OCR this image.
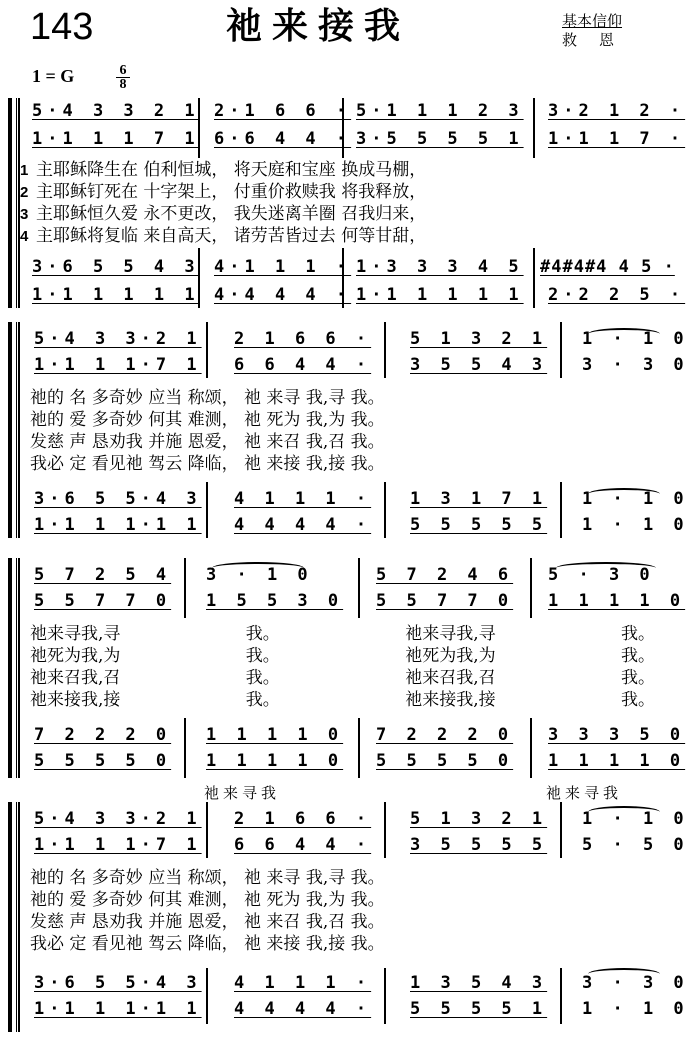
143	祂来接我	基本信仰
救恩
1 = G	$\frac{6}{8}$
5·4 3 3 2 1 2·1 6 6 · 5·1 1 1 2 3 3·2 1 2 ·
1·1 1 1 7 1 6·6 4 4 · 3·5 5 5 5 1 1·1 1 7 ·
1 主耶稣降生在 伯利恒城， 将天庭和宝座 换成马棚，
2 主耶稣钉死在 十字架上， 付重价救赎我 将我释放，
3 主耶稣恒久爱 永不更改， 我失迷离羊圈 召我归来，
4 主耶稣将复临 来自高天， 诸劳苦皆过去 何等甘甜，
3·6 5 5 4 3 4·1 1 1 · 1·3 3 3 4 5 #4#4#4 4 5 ·
1·1 1 1 1 1 4·4 4 4 · 1·1 1 1 1 1 2·2 2 5 ·
5·4 3 3·2 1 2 1 6 6 · 5 1 3 2 1 1 · 1 0
1·1 1 1·7 1 6 6 4 4 · 3 5 5 4 3 3 · 3 0
祂的 名 多奇妙 应当 称颂， 祂 来寻 我,寻 我。
祂的 爱 多奇妙 何其 难测， 祂 死为 我,为 我。
发慈 声 恳劝我 并施 恩爱， 祂 来召 我,召 我。
我必 定 看见祂 驾云 降临， 祂 来接 我,接 我。
3·6 5 5·4 3 4 1 1 1 · 1 3 1 7 1 1 · 1 0
1·1 1 1·1 1 4 4 4 4 · 5 5 5 5 5 1 · 1 0
5 7 2 5 4 3 · 1 0	5 7 2 4 6 5 · 3 0
5 5 7 7 0 1 5 5 3 0 5 5 7 7 0 1 1 1 1 0
祂来寻我,寻 我。 祂来寻我,寻 我。
祂死为我,为 我。 祂死为我,为 我。
祂来召我,召 我。 祂来召我,召 我。
祂来接我,接 我。 祂来接我,接 我。
7 2 2 2 0 1 1 1 1 0 7 2 2 2 0 3 3 3 5 0
5 5 5 5 0 1 1 1 1 0 5 5 5 5 0 1 1 1 1 0
祂来寻我	祂来寻我
5·4 3 3·2 1 2 1 6 6 · 5 1 3 2 1 1 · 1 0
1·1 1 1·7 1 6 6 4 4 · 3 5 5 5 5 5 · 5 0
祂的 名 多奇妙 应当 称颂， 祂 来寻 我,寻 我。
祂的 爱 多奇妙 何其 难测， 祂 死为 我,为 我。
发慈 声 恳劝我 并施 恩爱， 祂 来召 我,召 我。
我必 定 看见祂 驾云 降临， 祂 来接 我,接 我。
3·6 5 5·4 3 4 1 1 1 · 1 3 5 4 3 3 · 3 0
1·1 1 1·1 1 4 4 4 4 · 5 5 5 5 1 1 · 1 0
